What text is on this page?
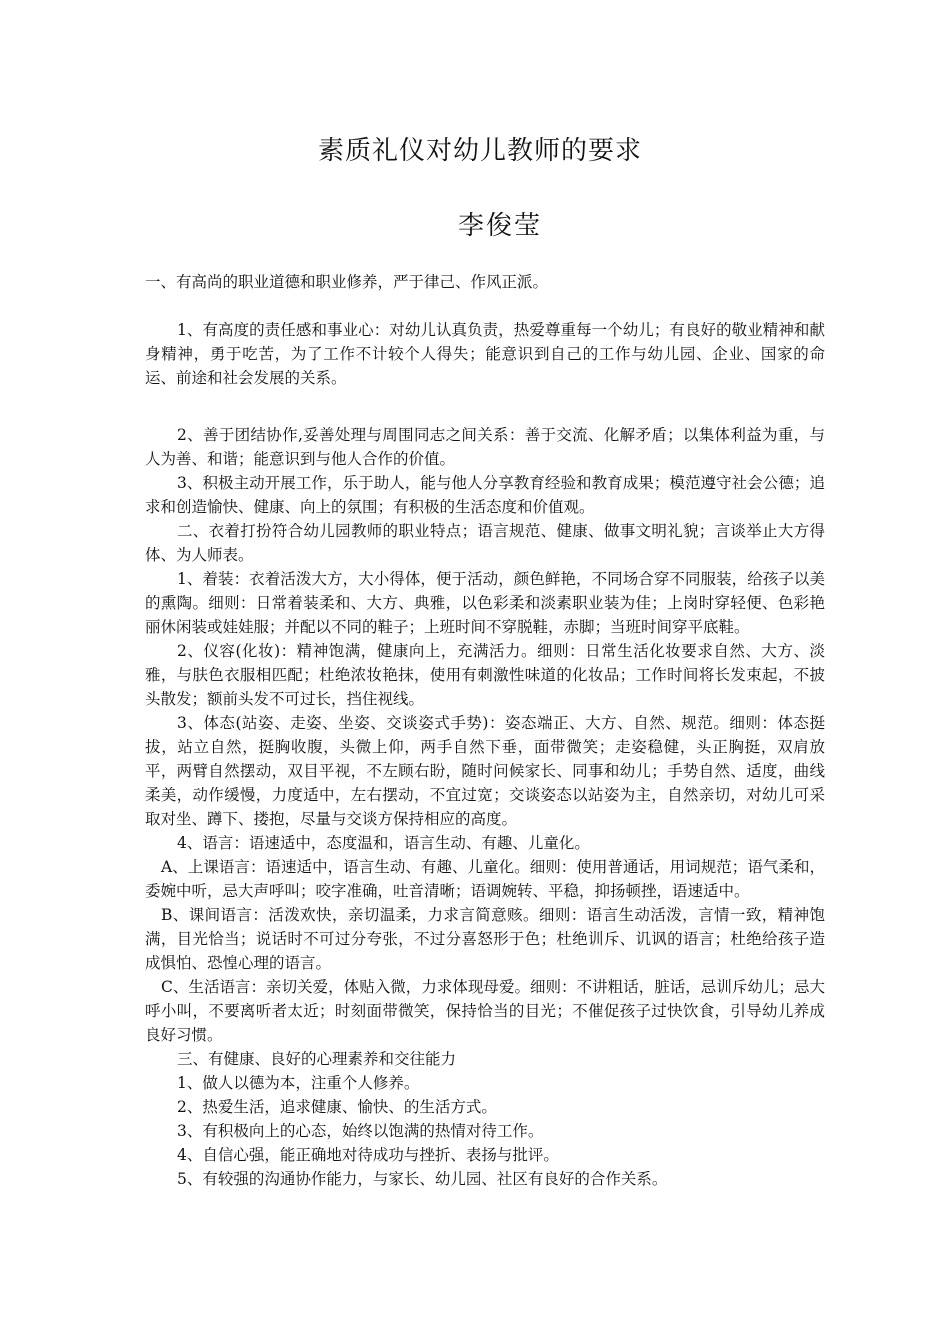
素质礼仪对幼儿教师的要求
李俊莹

一、有高尚的职业道德和职业修养，严于律己、作风正派。

1、有高度的责任感和事业心：对幼儿认真负责，热爱尊重每一个幼儿；有良好的敬业精神和献身精神，勇于吃苦，为了工作不计较个人得失；能意识到自己的工作与幼儿园、企业、国家的命运、前途和社会发展的关系。

2、善于团结协作,妥善处理与周围同志之间关系：善于交流、化解矛盾；以集体利益为重，与人为善、和谐；能意识到与他人合作的价值。

3、积极主动开展工作，乐于助人，能与他人分享教育经验和教育成果；模范遵守社会公德；追求和创造愉快、健康、向上的氛围；有积极的生活态度和价值观。

二、衣着打扮符合幼儿园教师的职业特点；语言规范、健康、做事文明礼貌；言谈举止大方得体、为人师表。

1、着装：衣着活泼大方，大小得体，便于活动，颜色鲜艳，不同场合穿不同服装，给孩子以美的熏陶。细则：日常着装柔和、大方、典雅，以色彩柔和淡素职业装为佳；上岗时穿轻便、色彩艳丽休闲装或娃娃服；并配以不同的鞋子；上班时间不穿脱鞋，赤脚；当班时间穿平底鞋。

2、仪容(化妆)：精神饱满，健康向上，充满活力。细则：日常生活化妆要求自然、大方、淡雅，与肤色衣服相匹配；杜绝浓妆艳抹，使用有刺激性味道的化妆品；工作时间将长发束起，不披头散发；额前头发不可过长，挡住视线。

3、体态(站姿、走姿、坐姿、交谈姿式手势)：姿态端正、大方、自然、规范。细则：体态挺拔，站立自然，挺胸收腹，头微上仰，两手自然下垂，面带微笑；走姿稳健，头正胸挺，双肩放平，两臂自然摆动，双目平视，不左顾右盼，随时问候家长、同事和幼儿；手势自然、适度，曲线柔美，动作缓慢，力度适中，左右摆动，不宜过宽；交谈姿态以站姿为主，自然亲切，对幼儿可采取对坐、蹲下、搂抱，尽量与交谈方保持相应的高度。

4、语言：语速适中，态度温和，语言生动、有趣、儿童化。

A、上课语言：语速适中，语言生动、有趣、儿童化。细则：使用普通话，用词规范；语气柔和，委婉中听，忌大声呼叫；咬字准确，吐音清晰；语调婉转、平稳，抑扬顿挫，语速适中。

B、课间语言：活泼欢快，亲切温柔，力求言简意赅。细则：语言生动活泼，言情一致，精神饱满，目光恰当；说话时不可过分夸张，不过分喜怒形于色；杜绝训斥、讥讽的语言；杜绝给孩子造成惧怕、恐惶心理的语言。

C、生活语言：亲切关爱，体贴入微，力求体现母爱。细则：不讲粗话，脏话，忌训斥幼儿；忌大呼小叫，不要离听者太近；时刻面带微笑，保持恰当的目光；不催促孩子过快饮食，引导幼儿养成良好习惯。

三、有健康、良好的心理素养和交往能力

1、做人以德为本，注重个人修养。

2、热爱生活，追求健康、愉快、的生活方式。

3、有积极向上的心态，始终以饱满的热情对待工作。

4、自信心强，能正确地对待成功与挫折、表扬与批评。

5、有较强的沟通协作能力，与家长、幼儿园、社区有良好的合作关系。
